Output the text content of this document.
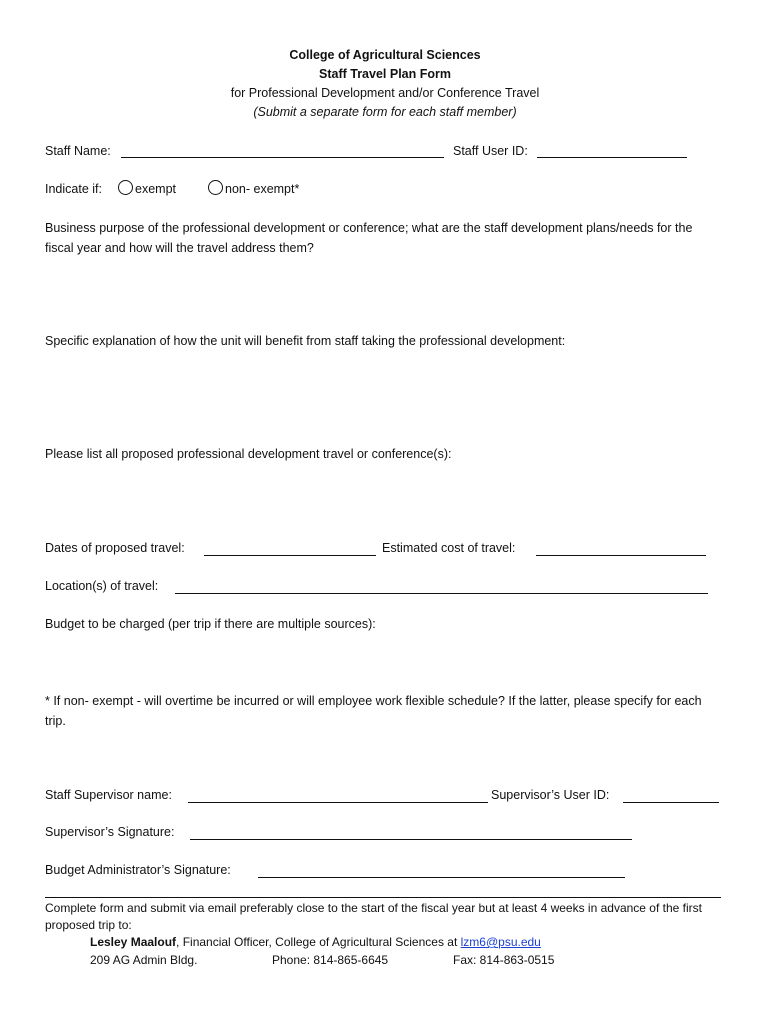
College of Agricultural Sciences
Staff Travel Plan Form
for Professional Development and/or Conference Travel
(Submit a separate form for each staff member)
Staff Name:	Staff User ID:
Indicate if:	exempt	non- exempt*
Business purpose of the professional development or conference; what are the staff development plans/needs for the fiscal year and how will the travel address them?
Specific explanation of how the unit will benefit from staff taking the professional development:
Please list all proposed professional development travel or conference(s):
Dates of proposed travel:	Estimated cost of travel:
Location(s) of travel:
Budget to be charged (per trip if there are multiple sources):
* If non- exempt - will overtime be incurred or will employee work flexible schedule? If the latter, please specify for each trip.
Staff Supervisor name:	Supervisor’s User ID:
Supervisor’s Signature:
Budget Administrator’s Signature:
Complete form and submit via email preferably close to the start of the fiscal year but at least 4 weeks in advance of the first proposed trip to:
Lesley Maalouf, Financial Officer, College of Agricultural Sciences at lzm6@psu.edu
209 AG Admin Bldg.	Phone: 814-865-6645	Fax: 814-863-0515
